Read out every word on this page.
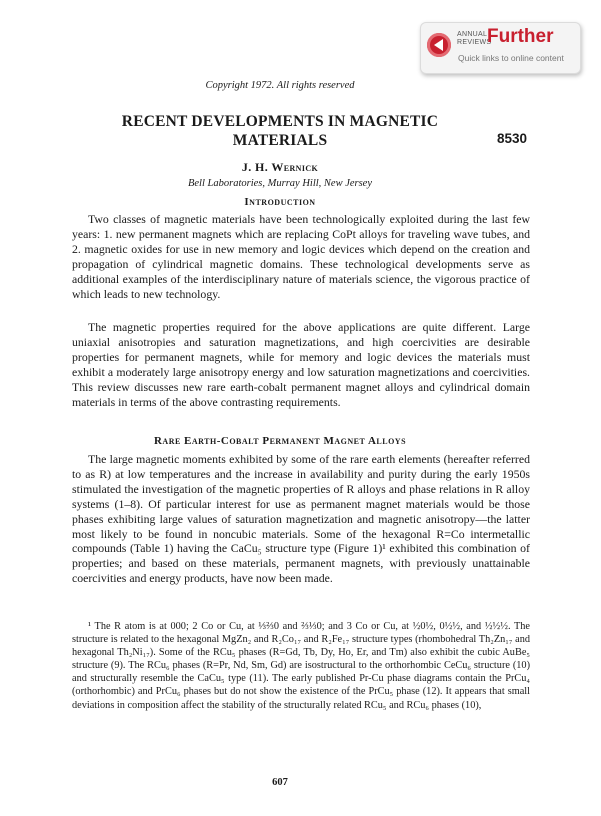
ANNUAL
REVIEWS
Further
Quick links to online content
Copyright 1972. All rights reserved
RECENT DEVELOPMENTS IN MAGNETIC MATERIALS	8530
J. H. Wernick
Bell Laboratories, Murray Hill, New Jersey
Introduction
Two classes of magnetic materials have been technologically exploited during the last few years: 1. new permanent magnets which are replacing CoPt alloys for traveling wave tubes, and 2. magnetic oxides for use in new memory and logic devices which depend on the creation and propagation of cylindrical magnetic domains. These technological developments serve as additional examples of the interdisciplinary nature of materials science, the vigorous practice of which leads to new technology.
The magnetic properties required for the above applications are quite different. Large uniaxial anisotropies and saturation magnetizations, and high coercivities are desirable properties for permanent magnets, while for memory and logic devices the materials must exhibit a moderately large anisotropy energy and low saturation magnetizations and coercivities. This review discusses new rare earth-cobalt permanent magnet alloys and cylindrical domain materials in terms of the above contrasting requirements.
Rare Earth-Cobalt Permanent Magnet Alloys
The large magnetic moments exhibited by some of the rare earth elements (hereafter referred to as R) at low temperatures and the increase in availability and purity during the early 1950s stimulated the investigation of the magnetic properties of R alloys and phase relations in R alloy systems (1–8). Of particular interest for use as permanent magnet materials would be those phases exhibiting large values of saturation magnetization and magnetic anisotropy—the latter most likely to be found in noncubic materials. Some of the hexagonal R=Co intermetallic compounds (Table 1) having the CaCu₅ structure type (Figure 1)¹ exhibited this combination of properties; and based on these materials, permanent magnets, with previously unattainable coercivities and energy products, have now been made.
¹ The R atom is at 000; 2 Co or Cu, at ⅓⅔0 and ⅔⅓0; and 3 Co or Cu, at ½0½, 0½½, and ½½½. The structure is related to the hexagonal MgZn₂ and R₂Co₁₇ and R₂Fe₁₇ structure types (rhombohedral Th₂Zn₁₇ and hexagonal Th₂Ni₁₇). Some of the RCu₅ phases (R=Gd, Tb, Dy, Ho, Er, and Tm) also exhibit the cubic AuBe₅ structure (9). The RCu₆ phases (R=Pr, Nd, Sm, Gd) are isostructural to the orthorhombic CeCu₆ structure (10) and structurally resemble the CaCu₅ type (11). The early published Pr-Cu phase diagrams contain the PrCu₄ (orthorhombic) and PrCu₆ phases but do not show the existence of the PrCu₅ phase (12). It appears that small deviations in composition affect the stability of the structurally related RCu₅ and RCu₆ phases (10),
607
